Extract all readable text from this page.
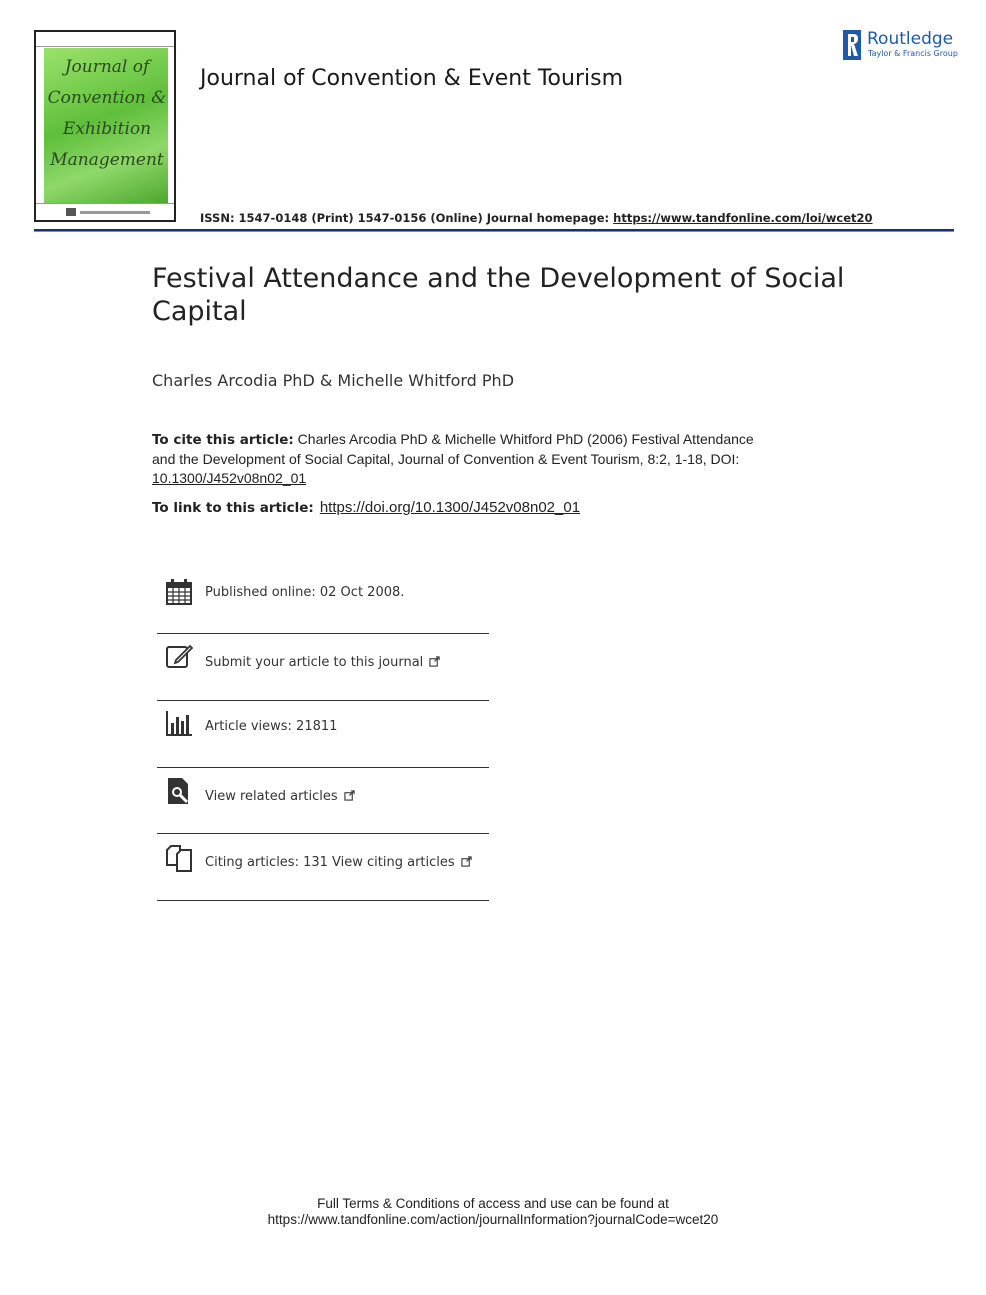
Journal of
Convention &
Exhibition
Management
Journal of Convention & Event Tourism
Routledge
Taylor & Francis Group
ISSN: 1547-0148 (Print) 1547-0156 (Online) Journal homepage: https://www.tandfonline.com/loi/wcet20
Festival Attendance and the Development of Social
Capital
Charles Arcodia PhD & Michelle Whitford PhD
To cite this article: Charles Arcodia PhD & Michelle Whitford PhD (2006) Festival Attendance
and the Development of Social Capital, Journal of Convention & Event Tourism, 8:2, 1-18, DOI:
10.1300/J452v08n02_01
To link to this article: https://doi.org/10.1300/J452v08n02_01
Published online: 02 Oct 2008.
Submit your article to this journal
Article views: 21811
View related articles
Citing articles: 131 View citing articles
Full Terms & Conditions of access and use can be found at
https://www.tandfonline.com/action/journalInformation?journalCode=wcet20
